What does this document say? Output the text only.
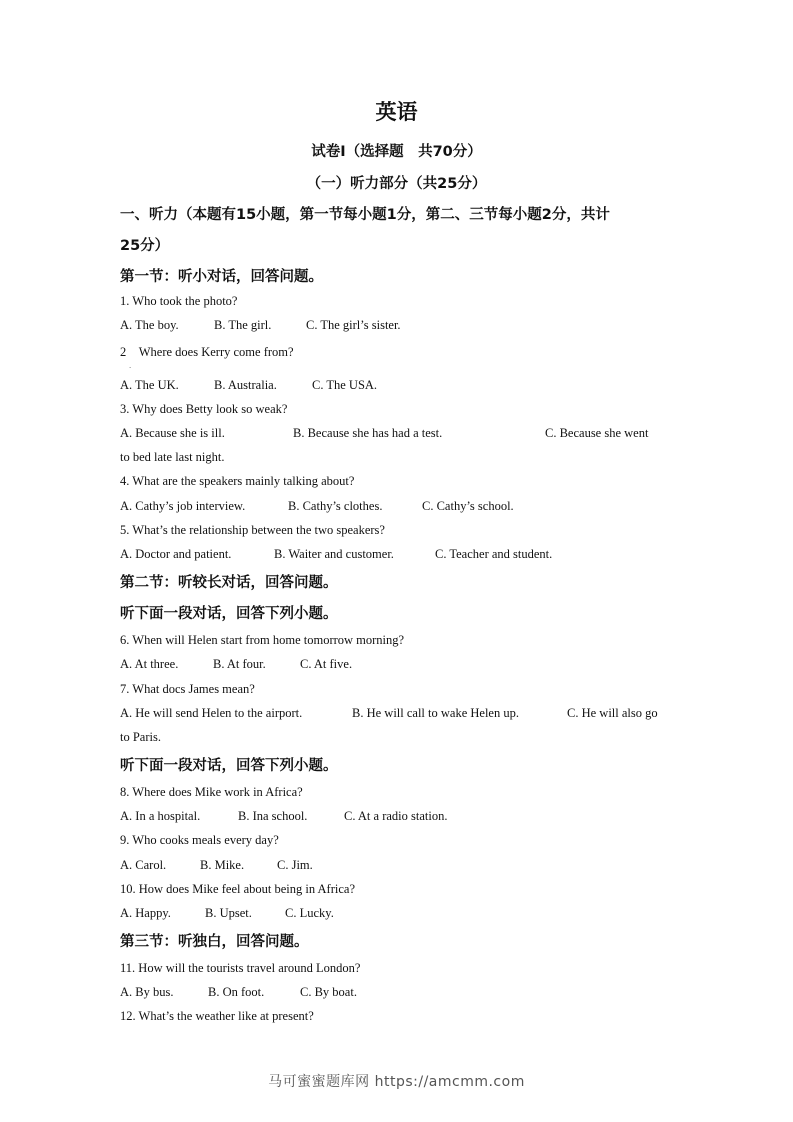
英语
试卷Ⅰ（选择题　共70分）
（一）听力部分（共25分）
一、听力（本题有15小题，第一节每小题1分，第二、三节每小题2分，共计
25分）
第一节：听小对话，回答问题。
1. Who took the photo?
A. The boy.	B. The girl.	C. The girl’s sister.
2　Where does Kerry come from?
·
A. The UK.	B. Australia.	C. The USA.
3. Why does Betty look so weak?
A. Because she is ill.	B. Because she has had a test.	C. Because she went
to bed late last night.
4. What are the speakers mainly talking about?
A. Cathy’s job interview.	B. Cathy’s clothes.	C. Cathy’s school.
5. What’s the relationship between the two speakers?
A. Doctor and patient.	B. Waiter and customer.	C. Teacher and student.
第二节：听较长对话，回答问题。
听下面一段对话，回答下列小题。
6. When will Helen start from home tomorrow morning?
A. At three.	B. At four.	C. At five.
7. What docs James mean?
A. He will send Helen to the airport.	B. He will call to wake Helen up.	C. He will also go
to Paris.
听下面一段对话，回答下列小题。
8. Where does Mike work in Africa?
A. In a hospital.	B. Ina school.	C. At a radio station.
9. Who cooks meals every day?
A. Carol.	B. Mike.	C. Jim.
10. How does Mike feel about being in Africa?
A. Happy.	B. Upset.	C. Lucky.
第三节：听独白，回答问题。
11. How will the tourists travel around London?
A. By bus.	B. On foot.	C. By boat.
12. What’s the weather like at present?
马可蜜蜜题库网 https://amcmm.com
